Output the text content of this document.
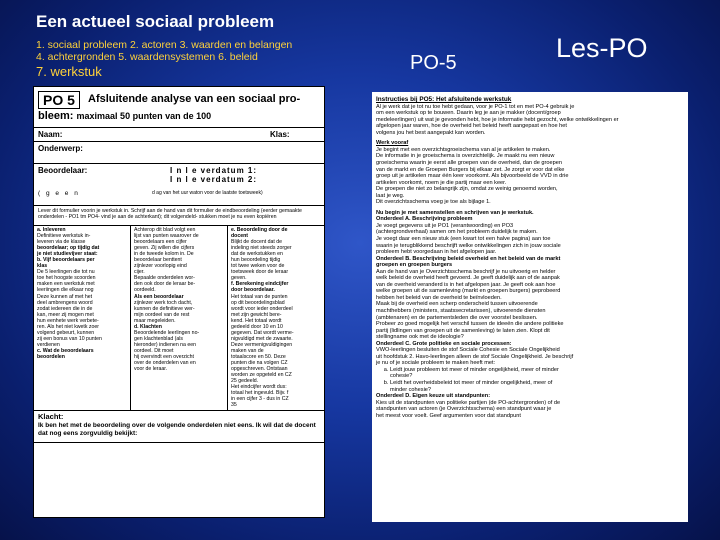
Een actueel sociaal probleem
1. sociaal probleem 2. actoren 3. waarden en belangen
4. achtergronden 5. waardensystemen 6. beleid
7. werkstuk	PO-5	Les-PO
PO 5	Afsluitende analyse van een sociaal pro-
bleem: maximaal 50 punten van de 100
Naam:	Klas:
Onderwerp:
Beoordelaar:	I n l e verdatum 1:
I n l e verdatum 2:
( g e e n	d ag van het uur waton voor de laatste toetsweek)
Lever dit formulier voorin je werkstuk in. Schrijf aan de hand van dit formulier de eindbeoordeling (eerder gemaakte onderdelen - PO1 tm PO4- vind je aan de achterkant); dit volgendeld- stukken moet je nu even kopiëren
a. Inleveren
Definitieve werkstuk in-
leveren via de klasse
beoordelaar; op tijdig dat
je niet studievijver staat:
b. Vijf beoordelaars per
klas
De 5 leerlingen die tot nu
toe het hoogste scoorden
maken een werkstuk met
leeriingen die elkaar nog
Deze kunnen af met het
deel ambrengens woord
zodat iedereen die in de
kan, meer zij mogen met
hun eenhete werk verbete-
ren. Als het niet kwetk zoer
volgend gebeurt, kunnen
zij een bonus van 10 punten
verdienen
c. Wat de beoordelaars
beoordelen
Achterop dit blad volgt een
lijst van punten waarover de
beoordelaars een cijfer
geven. Zij willen die cijfers
in de tweede kolom in. De
beoordelaar benttent
zijnlezer voorlopig eind
cijer.
Bepaalde onderdelen wor-
den ook door de leraar be-
oordeeld.
Als een beoordelaar
zijnlezer werk toch dacht,
kunnen de definitieve wer-
mijn oordeel van de rest
maar megeleiden.
d. Klachten
Beoordelende leerlingen no-
gen klachtenblad (als
hieronder) indienen na een
oordeel. Dit moet
hij overvindt een overzicht
over de onderdelen van en
voor de leraar.
e. Beoordeling door de
docent
Blijkt de docent dat de
indeling niet steeds zorger
dat de werkstukken en
hun beoordeling tijdig
tot twee weken voor de
toetsweek door de leraar
geven.
f. Berekening eindcijfer
door beoordelaar.
Het totaal van de punten
op dit beoordelingsblad
wordt voor ieder onderdeel
met zijn gewicht bere-
kend. Het totaal wordt
gedeeld door 10 en 10
gegeven. Dat wordt verme-
nigvuldigd met de zwaarte.
Deze vermenigvuldigingen
maken van de
totaalscore en 50. Deze
punten die na volgen CZ
opgeschreven. Ontstaan
worden ze opgeteld en CZ
25 gedeeld.
Het eindcijfer wordt dus:
totaal het ingevuld. Bijv. f
in een cijfer 3 - dus in CZ
35
Klacht:
Ik ben het met de beoordeling over de volgende onderdelen niet eens. Ik wil dat de docent dat nog eens zorgvuldig bekijkt:

Instructies bij PO5: Het afsluitende werkstuk

Al je werk dat je tot nu toe hebt gedaan, voor je PO-1 tot en met PO-4 gebruik je

om een werkstuk op te bouwen. Daarin leg je aan je makker (docent/groep

medeleerlingen) uit wat je gevonden hebt, hoe je informatie hebt gezocht, welke ontwikkelingen er

afgelopen jaar waren, hoe de overheid het beleid heeft aangepast en hoe het

volgens jou het best aangepakt kan worden.

Werk vooraf

Je begint met een overzichtsgroeischema van al je artikelen te maken.

De informatie in je groeischema is overzichtelijk. Je maakt nu een nieuw

groeischema waarin je eerst alle groepen van de overheid, dan de groepen

van de markt en de Groepen Burgers bij elkaar zet. Je zorgt er voor dat elke

groep uit je artikelen maar één keer voorkomt. Als bijvoorbeeld de VVD in drie

artikelen voorkomt, noem je die partij maar een keer.

De groepen die niet zo belangrijk zijn, omdat ze weinig genoemd worden,

laat je weg.

Dit overzichtsschema voeg je toe als bijlage 1.

Nu begin je met samenstellen en schrijven van je werkstuk.

Onderdeel A. Beschrijving probleem

Je voegt gegevens uit je PO1 (verantwoording) en PO3

(achtergrondverhaal) samen om het probleem duidelijk te maken.

Je voegt daar een nieuw stuk (een kwart tot een halve pagina) aan toe

waarin je terugblikkend beschrijft welke ontwikkelingen zich in jouw sociale

probleem hebt voorgedaan in het afgelopen jaar.

Onderdeel B. Beschrijving beleid overheid en het beleid van de markt

groepen en groepen burgers

Aan de hand van je Overzichtsschema beschrijf je nu uitvoerig en helder

welk beleid de overheid heeft gevoerd. Je geeft duidelijk aan of de aanpak

van de overheid veranderd is in het afgelopen jaar. Je geeft ook aan hoe

welke groepen uit de samenleving (markt en groepen burgers) geprobeerd

hebben het beleid van de overheid te beïnvloeden.

Maak bij de overheid een scherp onderscheid tussen uitvoerende

machthebbers (ministers, staatssecretarissen), uitvoerende diensten

(ambtenaren) en de partementsleden die over voorstel beslissen.

Probeer zo goed mogelijk het verschil tussen de ideeën die andere politieke

partij (lidlingen van groepen uit de samenleving) te laten zien. Klopt dit

stellingname ook met de ideologie?

Onderdeel C. Grote politieke en sociale processen:

VWO-leerlingen besluiten de stof Sociale Cohesie en Sociale Ongelijkheid

uit hoofdstuk 2. Havo-leerlingen alleen de stof Sociale Ongelijkheid. Je beschrijf

je nu of je sociale probleem te maken heeft met:

a. Leidt jouw probleem tot meer of minder ongelijkheid, meer of minder

cohesie?

b. Leidt het overheidsbeleid tot meer of minder ongelijkheid, meer of

minder cohesie?

Onderdeel D. Eigen keuze uit standpunten:

Kies uit de standpunten van politieke partijen (de PO-achtergronden) of de

standpunten van actoren (je Overzichtsschema) een standpunt waar je

het meest voor voelt. Geef argumenten voor dat standpunt
